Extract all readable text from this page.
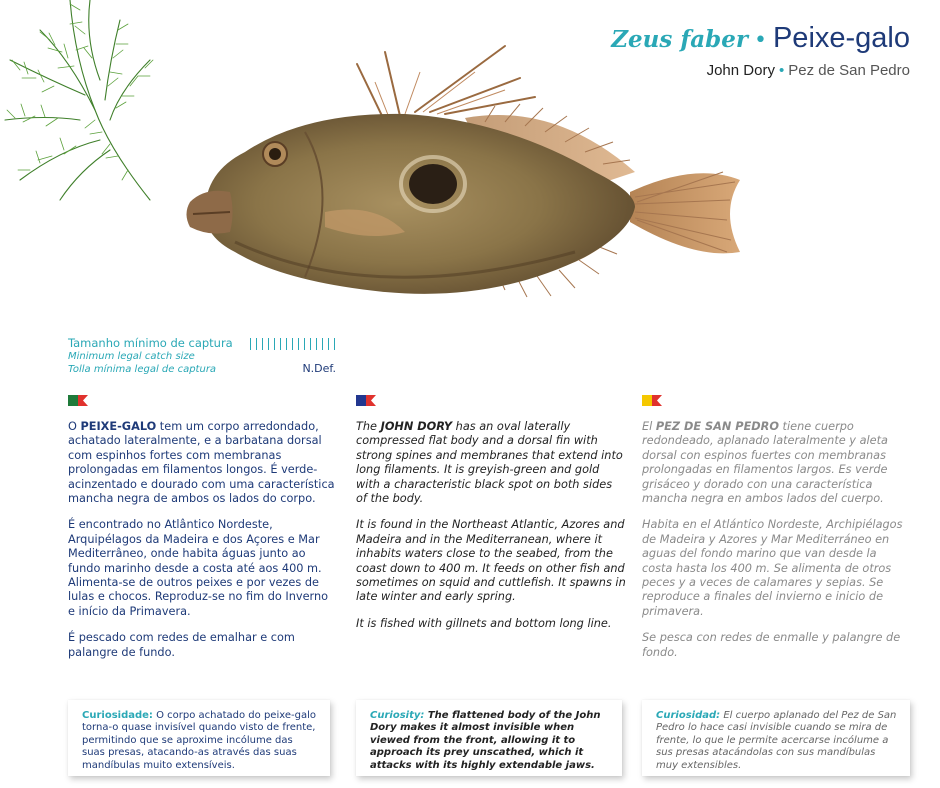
Zeus faber • Peixe-galo
John Dory • Pez de San Pedro
Tamanho mínimo de captura
Minimum legal catch size
Tolla mínima legal de captura	N.Def.

O PEIXE-GALO tem um corpo arredondado, achatado lateralmente, e a barbatana dorsal com espinhos fortes com membranas prolongadas em filamentos longos. É verde-acinzentado e dourado com uma característica mancha negra de ambos os lados do corpo.

É encontrado no Atlântico Nordeste, Arquipélagos da Madeira e dos Açores e Mar Mediterrâneo, onde habita águas junto ao fundo marinho desde a costa até aos 400 m. Alimenta-se de outros peixes e por vezes de lulas e chocos. Reproduz-se no fim do Inverno e início da Primavera.

É pescado com redes de emalhar e com palangre de fundo.

The JOHN DORY has an oval laterally compressed flat body and a dorsal fin with strong spines and membranes that extend into long filaments. It is greyish-green and gold with a characteristic black spot on both sides of the body.

It is found in the Northeast Atlantic, Azores and Madeira and in the Mediterranean, where it inhabits waters close to the seabed, from the coast down to 400 m. It feeds on other fish and sometimes on squid and cuttlefish. It spawns in late winter and early spring.

It is fished with gillnets and bottom long line.

El PEZ DE SAN PEDRO tiene cuerpo redondeado, aplanado lateralmente y aleta dorsal con espinos fuertes con membranas prolongadas en filamentos largos. Es verde grisáceo y dorado con una característica mancha negra en ambos lados del cuerpo.

Habita en el Atlántico Nordeste, Archipiélagos de Madeira y Azores y Mar Mediterráneo en aguas del fondo marino que van desde la costa hasta los 400 m. Se alimenta de otros peces y a veces de calamares y sepias. Se reproduce a finales del invierno e inicio de primavera.

Se pesca con redes de enmalle y palangre de fondo.

Curiosidade: O corpo achatado do peixe-galo torna-o quase invisível quando visto de frente, permitindo que se aproxime incólume das suas presas, atacando-as através das suas mandíbulas muito extensíveis.
Curiosity: The flattened body of the John Dory makes it almost invisible when viewed from the front, allowing it to approach its prey unscathed, which it attacks with its highly extendable jaws.
Curiosidad: El cuerpo aplanado del Pez de San Pedro lo hace casi invisible cuando se mira de frente, lo que le permite acercarse incólume a sus presas atacándolas con sus mandíbulas muy extensibles.
